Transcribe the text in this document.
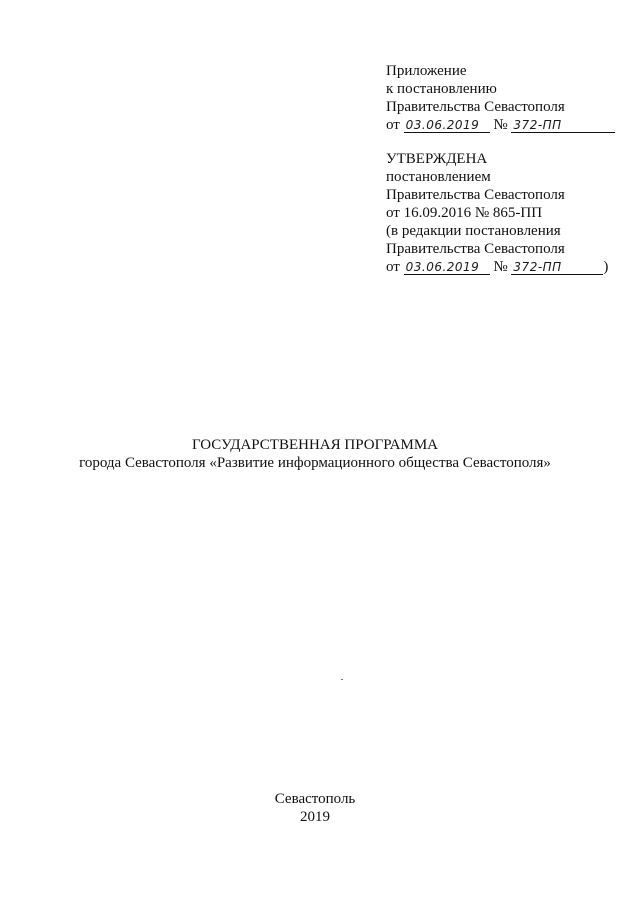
Приложение
к постановлению
Правительства Севастополя
от 03.06.2019 № 372-ПП
УТВЕРЖДЕНА
постановлением
Правительства Севастополя
от 16.09.2016 № 865-ПП
(в редакции постановления
Правительства Севастополя
от 03.06.2019 № 372-ПП	)
ГОСУДАРСТВЕННАЯ ПРОГРАММА
города Севастополя «Развитие информационного общества Севастополя»
Севастополь
2019
